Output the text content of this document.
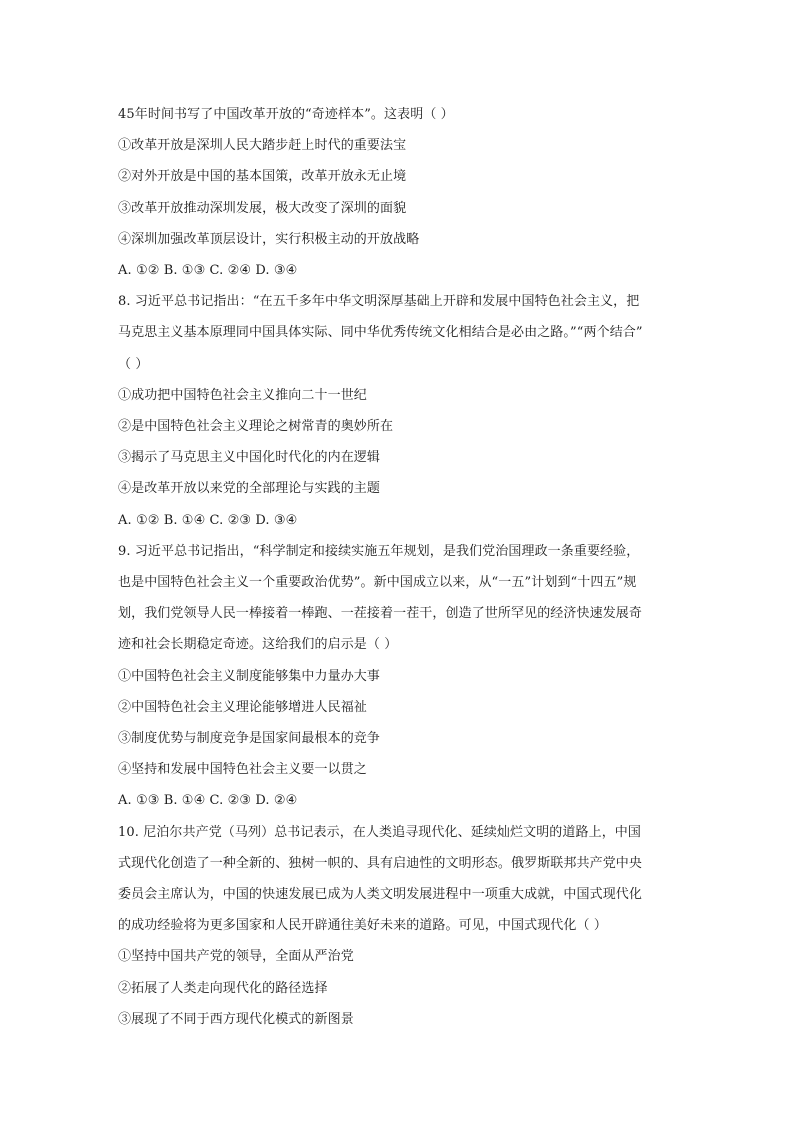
45年时间书写了中国改革开放的“奇迹样本”。这表明（ ）
①改革开放是深圳人民大踏步赶上时代的重要法宝
②对外开放是中国的基本国策，改革开放永无止境
③改革开放推动深圳发展，极大改变了深圳的面貌
④深圳加强改革顶层设计，实行积极主动的开放战略
A. ①② B. ①③ C. ②④ D. ③④
8. 习近平总书记指出：“在五千多年中华文明深厚基础上开辟和发展中国特色社会主义，把
马克思主义基本原理同中国具体实际、同中华优秀传统文化相结合是必由之路。”“两个结合”
（ ）
①成功把中国特色社会主义推向二十一世纪
②是中国特色社会主义理论之树常青的奥妙所在
③揭示了马克思主义中国化时代化的内在逻辑
④是改革开放以来党的全部理论与实践的主题
A. ①② B. ①④ C. ②③ D. ③④
9. 习近平总书记指出，“科学制定和接续实施五年规划，是我们党治国理政一条重要经验，
也是中国特色社会主义一个重要政治优势”。新中国成立以来，从“一五”计划到“十四五”规
划，我们党领导人民一棒接着一棒跑、一茬接着一茬干，创造了世所罕见的经济快速发展奇
迹和社会长期稳定奇迹。这给我们的启示是（ ）
①中国特色社会主义制度能够集中力量办大事
②中国特色社会主义理论能够增进人民福祉
③制度优势与制度竞争是国家间最根本的竞争
④坚持和发展中国特色社会主义要一以贯之
A. ①③ B. ①④ C. ②③ D. ②④
10. 尼泊尔共产党（马列）总书记表示，在人类追寻现代化、延续灿烂文明的道路上，中国
式现代化创造了一种全新的、独树一帜的、具有启迪性的文明形态。俄罗斯联邦共产党中央
委员会主席认为，中国的快速发展已成为人类文明发展进程中一项重大成就，中国式现代化
的成功经验将为更多国家和人民开辟通往美好未来的道路。可见，中国式现代化（ ）
①坚持中国共产党的领导，全面从严治党
②拓展了人类走向现代化的路径选择
③展现了不同于西方现代化模式的新图景
